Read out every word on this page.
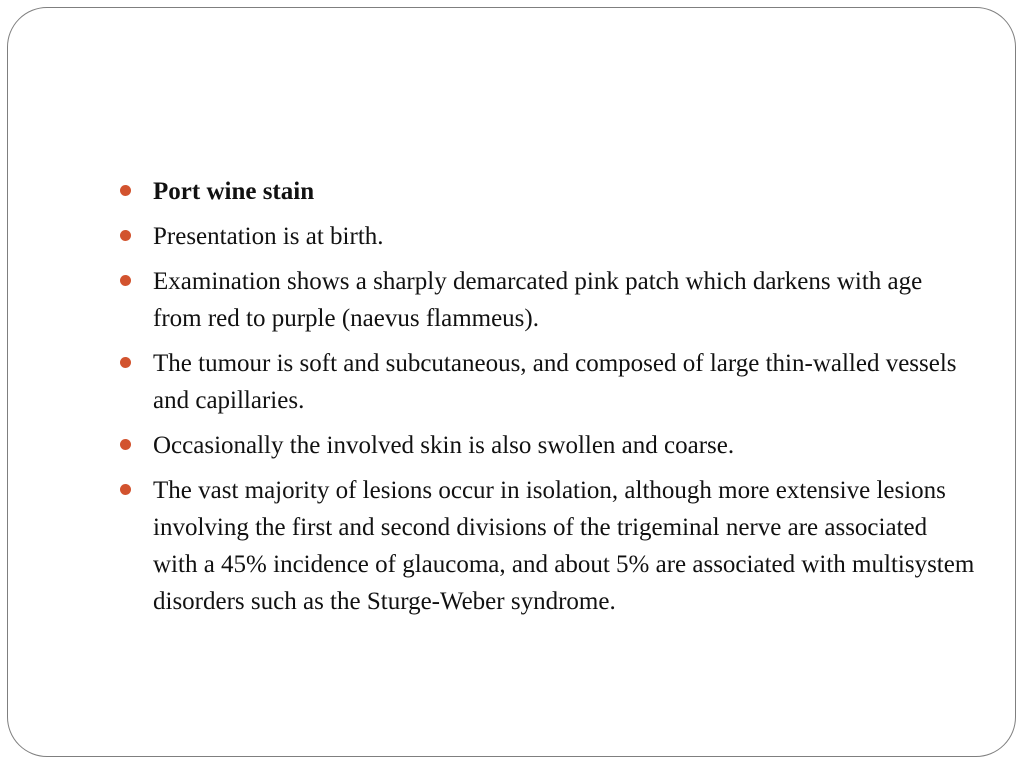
Port wine stain
Presentation is at birth.
Examination shows a sharply demarcated pink patch which darkens with age from red to purple (naevus flammeus).
The tumour is soft and subcutaneous, and composed of large thin-walled vessels and capillaries.
Occasionally the involved skin is also swollen and coarse.
The vast majority of lesions occur in isolation, although more extensive lesions involving the first and second divisions of the trigeminal nerve are associated with a 45% incidence of glaucoma, and about 5% are associated with multisystem disorders such as the Sturge-Weber syndrome.
